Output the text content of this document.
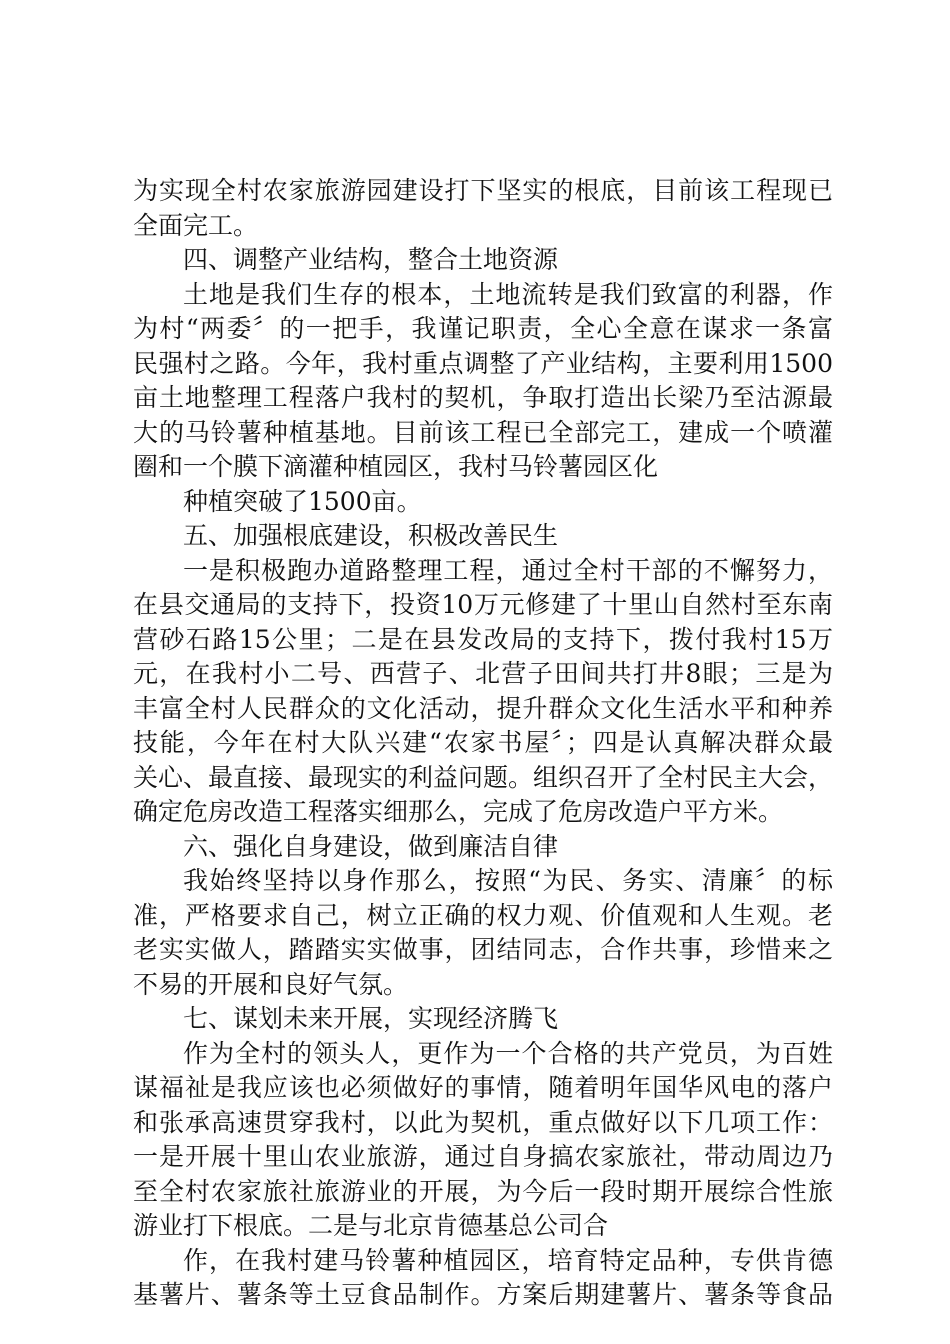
为实现全村农家旅游园建设打下坚实的根底，目前该工程现已
全面完工。
四、调整产业结构，整合土地资源
土地是我们生存的根本，土地流转是我们致富的利器，作
为村“两委〞的一把手，我谨记职责，全心全意在谋求一条富
民强村之路。今年，我村重点调整了产业结构，主要利用1500
亩土地整理工程落户我村的契机，争取打造出长梁乃至沽源最
大的马铃薯种植基地。目前该工程已全部完工，建成一个喷灌
圈和一个膜下滴灌种植园区，我村马铃薯园区化
种植突破了1500亩。
五、加强根底建设，积极改善民生
一是积极跑办道路整理工程，通过全村干部的不懈努力，
在县交通局的支持下，投资10万元修建了十里山自然村至东南
营砂石路15公里；二是在县发改局的支持下，拨付我村15万
元，在我村小二号、西营子、北营子田间共打井8眼；三是为
丰富全村人民群众的文化活动，提升群众文化生活水平和种养
技能，今年在村大队兴建“农家书屋〞；四是认真解决群众最
关心、最直接、最现实的利益问题。组织召开了全村民主大会，
确定危房改造工程落实细那么，完成了危房改造户平方米。
六、强化自身建设，做到廉洁自律
我始终坚持以身作那么，按照“为民、务实、清廉〞的标
准，严格要求自己，树立正确的权力观、价值观和人生观。老
老实实做人，踏踏实实做事，团结同志，合作共事，珍惜来之
不易的开展和良好气氛。
七、谋划未来开展，实现经济腾飞
作为全村的领头人，更作为一个合格的共产党员，为百姓
谋福祉是我应该也必须做好的事情，随着明年国华风电的落户
和张承高速贯穿我村，以此为契机，重点做好以下几项工作：
一是开展十里山农业旅游，通过自身搞农家旅社，带动周边乃
至全村农家旅社旅游业的开展，为今后一段时期开展综合性旅
游业打下根底。二是与北京肯德基总公司合
作，在我村建马铃薯种植园区，培育特定品种，专供肯德
基薯片、薯条等土豆食品制作。方案后期建薯片、薯条等食品
